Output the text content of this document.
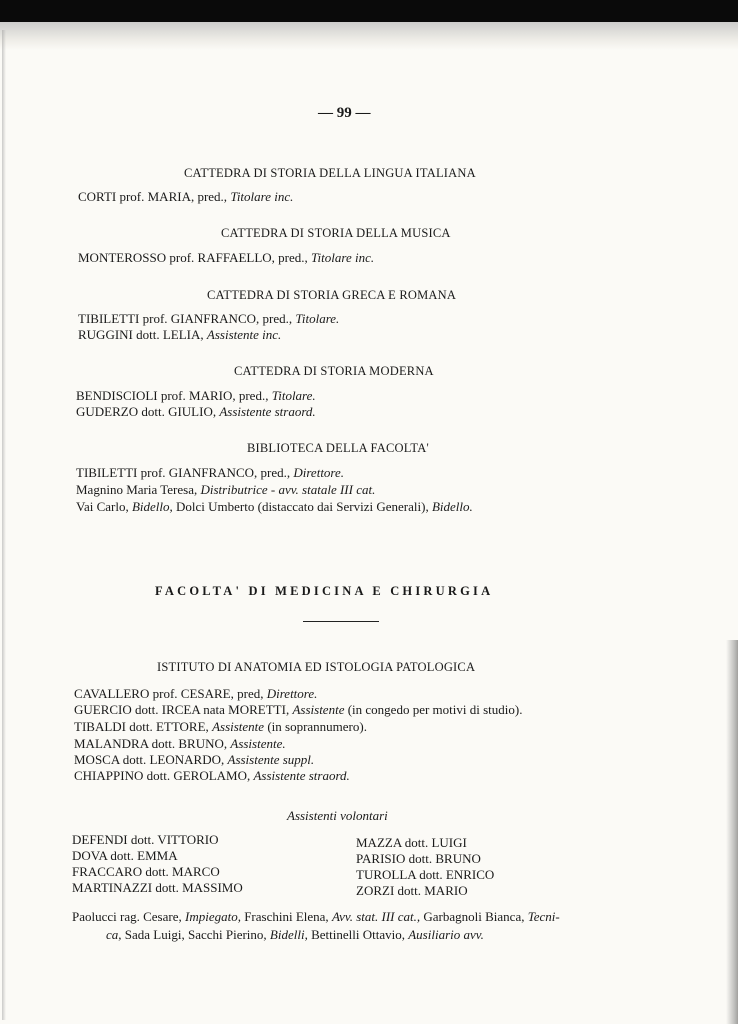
— 99 —
CATTEDRA DI STORIA DELLA LINGUA ITALIANA
CORTI prof. MARIA, pred., Titolare inc.
CATTEDRA DI STORIA DELLA MUSICA
MONTEROSSO prof. RAFFAELLO, pred., Titolare inc.
CATTEDRA DI STORIA GRECA E ROMANA
TIBILETTI prof. GIANFRANCO, pred., Titolare.
RUGGINI dott. LELIA, Assistente inc.
CATTEDRA DI STORIA MODERNA
BENDISCIOLI prof. MARIO, pred., Titolare.
GUDERZO dott. GIULIO, Assistente straord.
BIBLIOTECA DELLA FACOLTA'
TIBILETTI prof. GIANFRANCO, pred., Direttore.
Magnino Maria Teresa, Distributrice - avv. statale III cat.
Vai Carlo, Bidello, Dolci Umberto (distaccato dai Servizi Generali), Bidello.
FACOLTA' DI MEDICINA E CHIRURGIA
ISTITUTO DI ANATOMIA ED ISTOLOGIA PATOLOGICA
CAVALLERO prof. CESARE, pred, Direttore.
GUERCIO dott. IRCEA nata MORETTI, Assistente (in congedo per motivi di studio).
TIBALDI dott. ETTORE, Assistente (in soprannumero).
MALANDRA dott. BRUNO, Assistente.
MOSCA dott. LEONARDO, Assistente suppl.
CHIAPPINO dott. GEROLAMO, Assistente straord.
Assistenti volontari
DEFENDI dott. VITTORIO
DOVA dott. EMMA
FRACCARO dott. MARCO
MARTINAZZI dott. MASSIMO
MAZZA dott. LUIGI
PARISIO dott. BRUNO
TUROLLA dott. ENRICO
ZORZI dott. MARIO
Paolucci rag. Cesare, Impiegato, Fraschini Elena, Avv. stat. III cat., Garbagnoli Bianca, Tecni-
ca, Sada Luigi, Sacchi Pierino, Bidelli, Bettinelli Ottavio, Ausiliario avv.
